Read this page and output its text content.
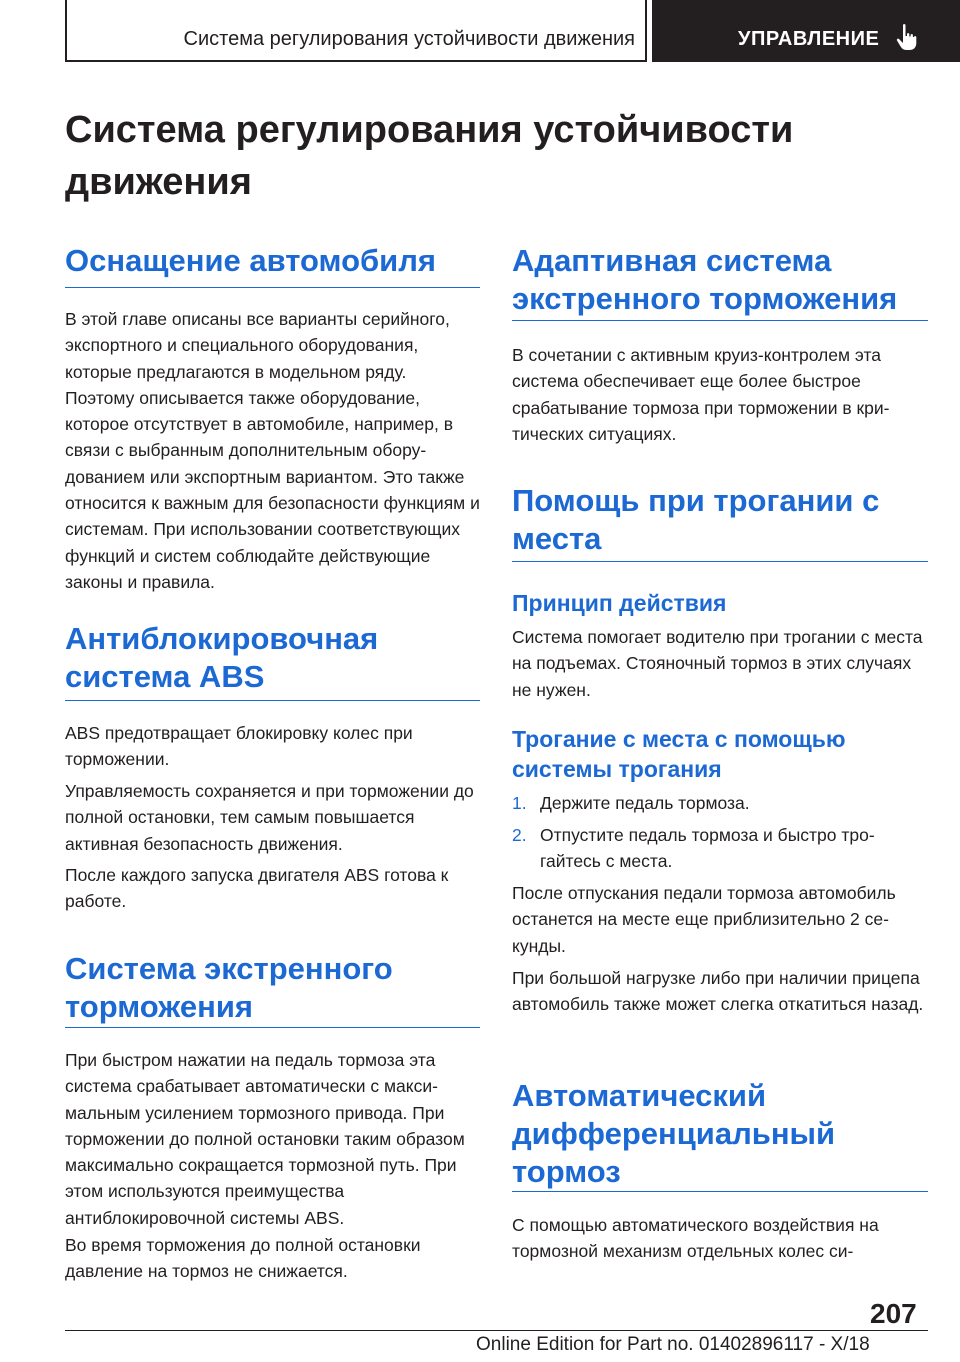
Система регулирования устойчивости движения	УПРАВЛЕНИЕ
Система регулирования устойчивости движения
Оснащение автомобиля

В этой главе описаны все варианты серийного, экспортного и специального оборудования, которые предлагаются в модельном ряду. Поэтому описывается также оборудование, которое отсутствует в автомобиле, например, в связи с выбранным дополнительным оборудованием или экспортным вариантом. Это также относится к важным для безопасности функциям и системам. При использовании соответствующих функций и систем соблюдайте действующие законы и правила.

Антиблокировочная система ABS

ABS предотвращает блокировку колес при торможении.

Управляемость сохраняется и при торможении до полной остановки, тем самым повышается активная безопасность движения.

После каждого запуска двигателя ABS готова к работе.

Система экстренного торможения

При быстром нажатии на педаль тормоза эта система срабатывает автоматически с максимальным усилением тормозного привода. При торможении до полной остановки таким образом максимально сокращается тормозной путь. При этом используются преимущества антиблокировочной системы ABS.

Во время торможения до полной остановки давление на тормоз не снижается.

Адаптивная система экстренного торможения

В сочетании с активным круиз-контролем эта система обеспечивает еще более быстрое срабатывание тормоза при торможении в критических ситуациях.

Помощь при трогании с места
Принцип действия

Система помогает водителю при трогании с места на подъемах. Стояночный тормоз в этих случаях не нужен.

Трогание с места с помощью системы трогания
1. Держите педаль тормоза.
2. Отпустите педаль тормоза и быстро трогайтесь с места.

После отпускания педали тормоза автомобиль останется на месте еще приблизительно 2 секунды.

При большой нагрузке либо при наличии прицепа автомобиль также может слегка откатиться назад.

Автоматический дифференциальный тормоз

С помощью автоматического воздействия на тормозной механизм отдельных колес си-

207
Online Edition for Part no. 01402896117 - X/18
